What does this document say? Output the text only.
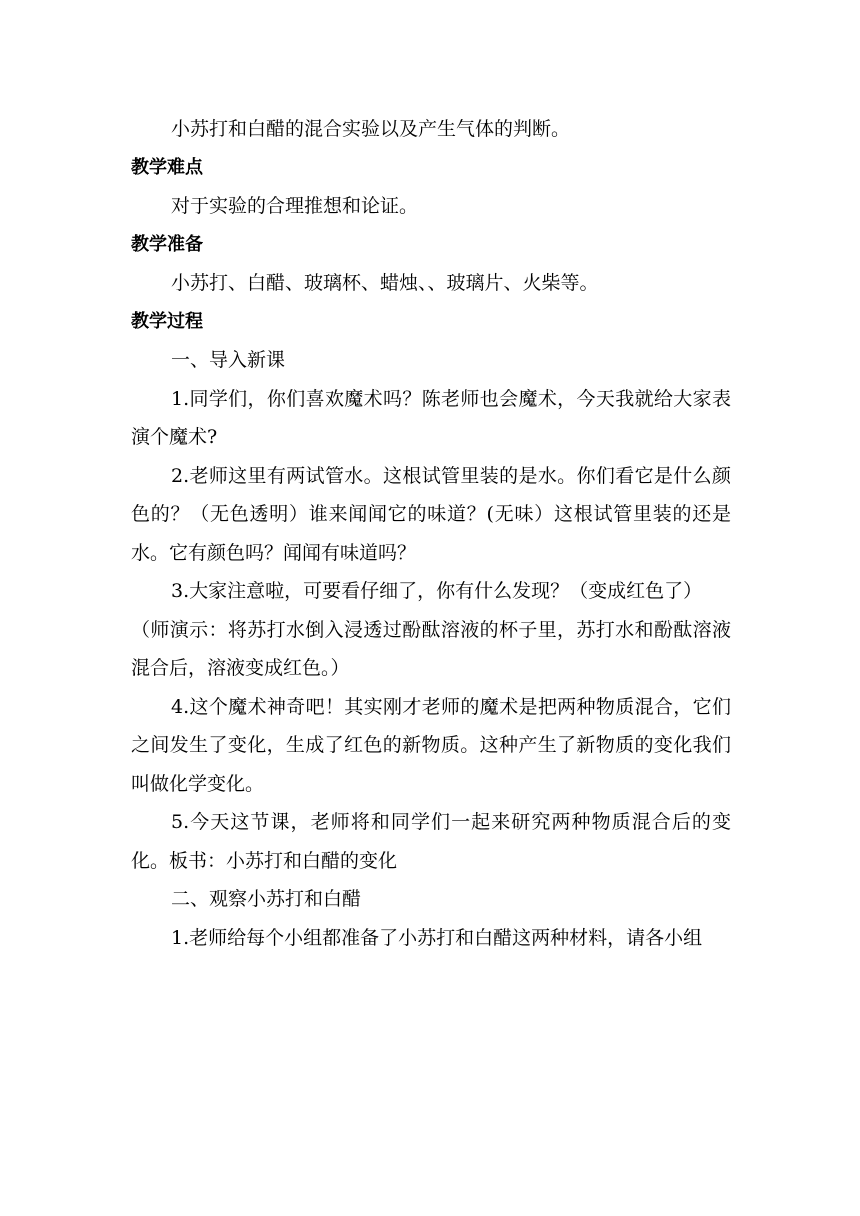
小苏打和白醋的混合实验以及产生气体的判断。

教学难点

对于实验的合理推想和论证。

教学准备

小苏打、白醋、玻璃杯、蜡烛、、玻璃片、火柴等。

教学过程

一、导入新课

1.同学们，你们喜欢魔术吗？陈老师也会魔术，今天我就给大家表演个魔术?

2.老师这里有两试管水。这根试管里装的是水。你们看它是什么颜色的？（无色透明）谁来闻闻它的味道？(无味）这根试管里装的还是水。它有颜色吗？闻闻有味道吗？

3.大家注意啦，可要看仔细了，你有什么发现？（变成红色了）

（师演示：将苏打水倒入浸透过酚酞溶液的杯子里，苏打水和酚酞溶液混合后，溶液变成红色。）

4.这个魔术神奇吧！其实刚才老师的魔术是把两种物质混合，它们之间发生了变化，生成了红色的新物质。这种产生了新物质的变化我们叫做化学变化。

5.今天这节课，老师将和同学们一起来研究两种物质混合后的变化。板书：小苏打和白醋的变化

二、观察小苏打和白醋

1.老师给每个小组都准备了小苏打和白醋这两种材料，请各小组
